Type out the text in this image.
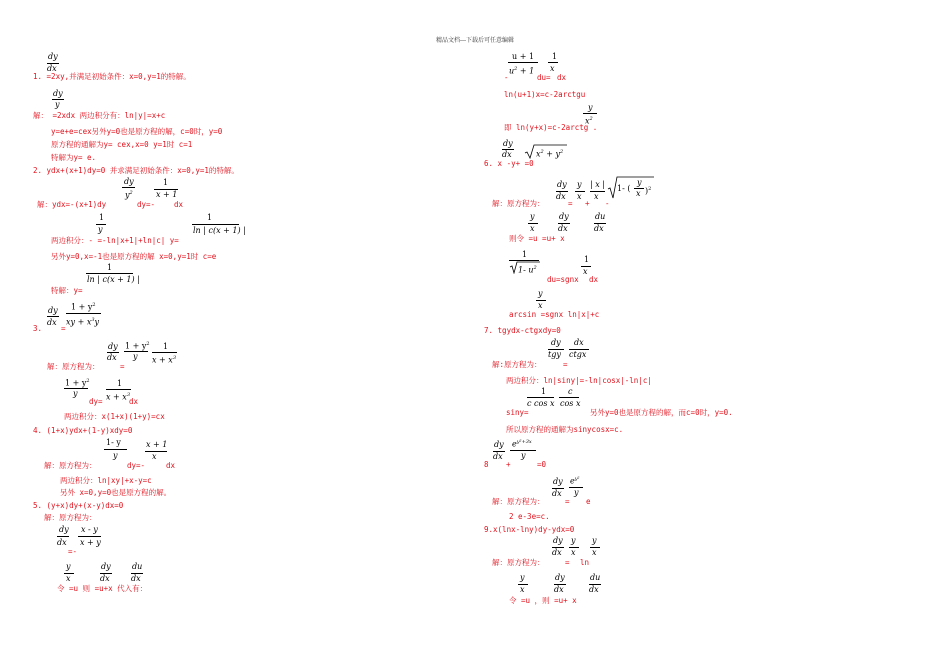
精品文档---下载后可任意编辑
dy
dx
1. =2xy,并满足初始条件：x=0,y=1的特解。
dy
y
解： =2xdx 两边积分有：ln|y|=x+c
y=e+e=cex另外y=0也是原方程的解，c=0时，y=0
原方程的通解为y= cex,x=0 y=1时 c=1
特解为y= e.
2. ydx+(x+1)dy=0 并求满足初始条件：x=0,y=1的特解。
dy
$y^2$
1
x + 1
解：ydx=-(x+1)dy	dy=-	dx
1
y
1
ln | c(x + 1) |
两边积分：- =-ln|x+1|+ln|c| y=
另外y=0,x=-1也是原方程的解 x=0,y=1时 c=e
1
ln | c(x + 1) |
特解：y=
dy
dx
$1 + y^2$
xy + $x^3y$
3.	=
dy
dx
$1 + y^2$
y
1
$x + x^3$
解：原方程为：	=
$1 + y^2$
y
1
$x + x^3$
dy=	dx
两边积分：x(1+x)(1+y)=cx
4. (1+x)ydx+(1-y)xdy=0
1- y
y
x + 1
x
解：原方程为：	dy=-	dx
两边积分：ln|xy|+x-y=c
另外 x=0,y=0也是原方程的解。
5. (y+x)dy+(x-y)dx=0
解：原方程为：
dy
dx
x - y
x + y
=-
y
x
dy
dx
du
dx
令 =u 则 =u+x 代入有：
u + 1
$u^2 + 1$
1
x
-	du= dx
ln(u+1)x=c-2arctgu
y
$x^2$
即 ln(y+x)=c-2arctg .
dy
dx	$x^2 + y^2$
6. x -y+ =0
dy
dx
y
x
| x |
x
1- (
y
x )$^2$
解：原方程为：	= + -
y
x
dy
dx
du
dx
则令 =u =u+ x
1
1- $u^2$
1
x
du=sgnx dx
y
x
arcsin =sgnx ln|x|+c
7. tgydx-ctgxdy=0
dy
tgy
dx
ctgx
解:原方程为：	=
两边积分：ln|siny|=-ln|cosx|-ln|c|
1
c cos x
c
cos x
siny=	另外y=0也是原方程的解，而c=0时，y=0.
所以原方程的通解为sinycosx=c.
dy
dx
$e^{y^2+3x}$
y
8 +	=0
dy
dx
$e^{y^2}$
y
解：原方程为：	= e
2 e-3e=c.
9.x(lnx-lny)dy-ydx=0
dy
dx
y
x
y
x
解：原方程为：	= ln
y
x
dy
dx
du
dx
令 =u ，则 =u+ x
